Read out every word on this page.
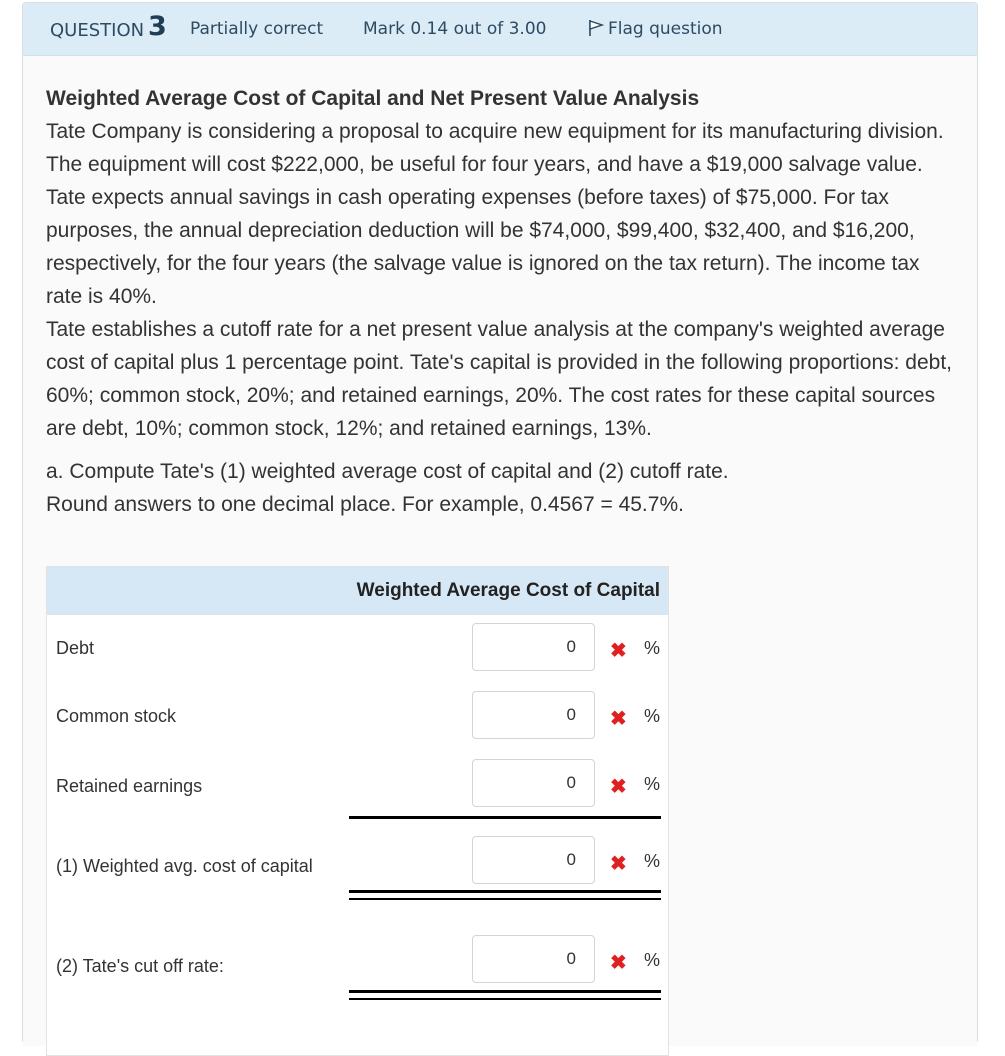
QUESTION 3 Partially correct Mark 0.14 out of 3.00	Flag question

Weighted Average Cost of Capital and Net Present Value Analysis

Tate Company is considering a proposal to acquire new equipment for its manufacturing division. The equipment will cost $222,000, be useful for four years, and have a $19,000 salvage value. Tate expects annual savings in cash operating expenses (before taxes) of $75,000. For tax purposes, the annual depreciation deduction will be $74,000, $99,400, $32,400, and $16,200, respectively, for the four years (the salvage value is ignored on the tax return). The income tax rate is 40%.

Tate establishes a cutoff rate for a net present value analysis at the company's weighted average cost of capital plus 1 percentage point. Tate's capital is provided in the following proportions: debt, 60%; common stock, 20%; and retained earnings, 20%. The cost rates for these capital sources are debt, 10%; common stock, 12%; and retained earnings, 13%.

a. Compute Tate's (1) weighted average cost of capital and (2) cutoff rate.

Round answers to one decimal place. For example, 0.4567 = 45.7%.

Weighted Average Cost of Capital

Debt
0	✖ %
Common stock
0	✖ %
Retained earnings
0	✖ %
(1) Weighted avg. cost of capital
0	✖ %
(2) Tate's cut off rate:
0	✖ %
